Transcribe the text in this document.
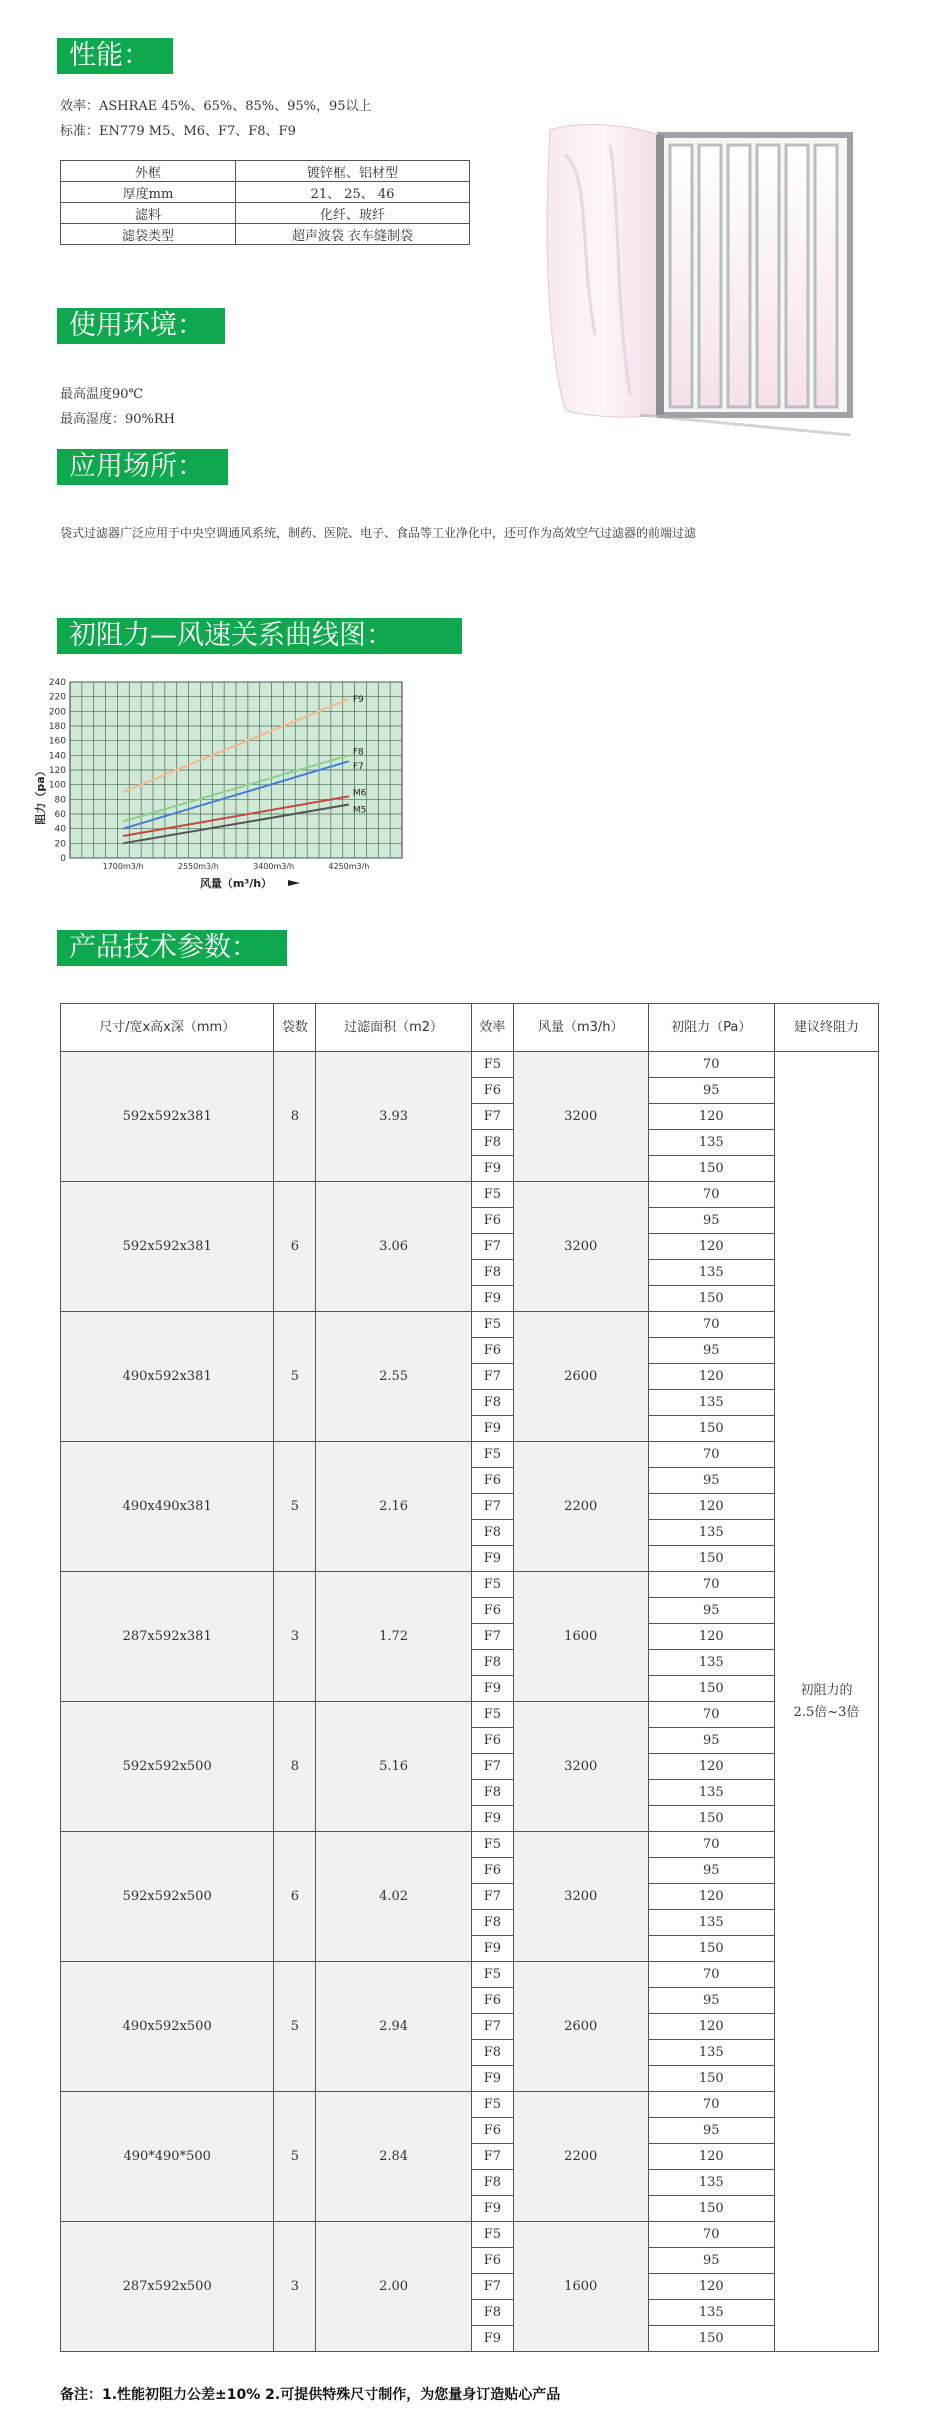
性能：
效率：ASHRAE 45%、65%、85%、95%，95以上
标准：EN779 M5、M6、F7、F8、F9
外框	镀锌框、铝材型
厚度mm	21、 25、 46
滤料	化纤、玻纤
滤袋类型	超声波袋 衣车缝制袋
使用环境：
最高温度90℃
最高湿度：90%RH
应用场所：
袋式过滤器广泛应用于中央空调通风系统，制药、医院、电子、食品等工业净化中，还可作为高效空气过滤器的前端过滤
初阻力—风速关系曲线图：
0
20
40
60
80
100
120
140
160
180
200
220
240
1700m3/h	2550m3/h	3400m3/h	4250m3/h
F9
F8
F7
M6
M5
风量（m³/h）
阻力（pa）
产品技术参数：
尺寸/宽x高x深（mm）	袋数	过滤面积（m2）	效率	风量（m3/h）	初阻力（Pa）	建议终阻力
592x592x381	8	3.93	F5	3200	70	初阻力的
2.5倍~3倍
			F6		95	
			F7		120	
			F8		135	
			F9		150	
592x592x381	6	3.06	F5	3200	70	
			F6		95	
			F7		120	
			F8		135	
			F9		150	
490x592x381	5	2.55	F5	2600	70	
			F6		95	
			F7		120	
			F8		135	
			F9		150	
490x490x381	5	2.16	F5	2200	70	
			F6		95	
			F7		120	
			F8		135	
			F9		150	
287x592x381	3	1.72	F5	1600	70	
			F6		95	
			F7		120	
			F8		135	
			F9		150	
592x592x500	8	5.16	F5	3200	70	
			F6		95	
			F7		120	
			F8		135	
			F9		150	
592x592x500	6	4.02	F5	3200	70	
			F6		95	
			F7		120	
			F8		135	
			F9		150	
490x592x500	5	2.94	F5	2600	70	
			F6		95	
			F7		120	
			F8		135	
			F9		150	
490*490*500	5	2.84	F5	2200	70	
			F6		95	
			F7		120	
			F8		135	
			F9		150	
287x592x500	3	2.00	F5	1600	70	
			F6		95	
			F7		120	
			F8		135	
			F9		150	
备注：1.性能初阻力公差±10% 2.可提供特殊尺寸制作，为您量身订造贴心产品
